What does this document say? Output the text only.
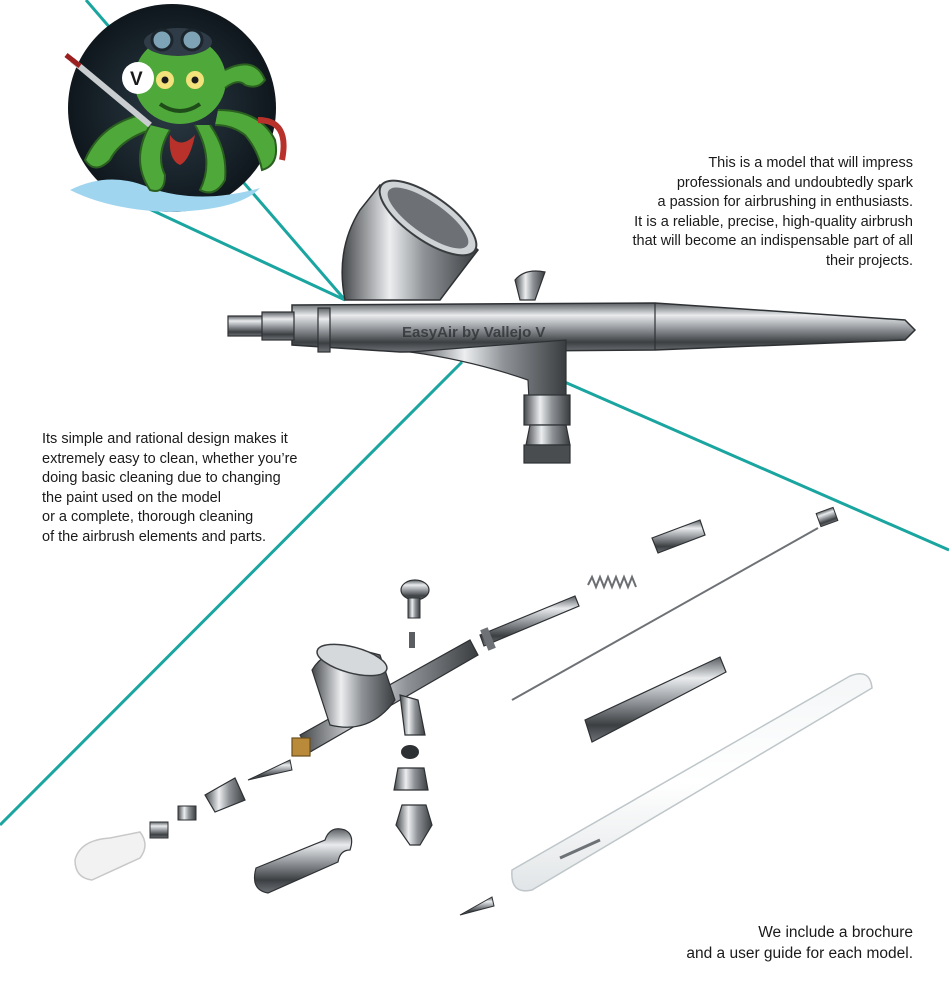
V
EasyAir by Vallejo V
This is a model that will impress
professionals and undoubtedly spark
a passion for airbrushing in enthusiasts.
It is a reliable, precise, high-quality airbrush
that will become an indispensable part of all
their projects.
Its simple and rational design makes it
extremely easy to clean, whether you’re
doing basic cleaning due to changing
the paint used on the model
or a complete, thorough cleaning
of the airbrush elements and parts.
We include a brochure
and a user guide for each model.
